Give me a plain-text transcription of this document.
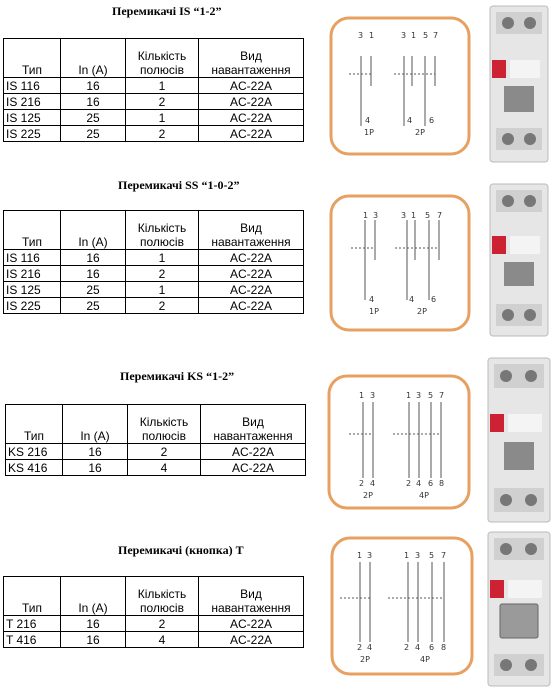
Перемикачі IS “1-2”
Тип	In (A)	Кількість полюсів	Вид навантаження
IS 116	16	1	AC-22A
IS 216	16	2	AC-22A
IS 125	25	1	AC-22A
IS 225	25	2	AC-22A
Перемикачі SS “1-0-2”
Тип	In (A)	Кількість полюсів	Вид навантаження
IS 116	16	1	AC-22A
IS 216	16	2	AC-22A
IS 125	25	1	AC-22A
IS 225	25	2	AC-22A
Перемикачі KS “1-2”
Тип	In (A)	Кількість полюсів	Вид навантаження
KS 216	16	2	AC-22A
KS 416	16	4	AC-22A
Перемикачі (кнопка) T
Тип	In (A)	Кількість полюсів	Вид навантаження
T 216	16	2	AC-22A
T 416	16	4	AC-22A
3 1	3 1 5 7
4	4 6
1P	2P
1 3	3 1 5 7
4	4 6
1P	2P
1 3	1 3 5 7
2 4	2 4 6 8
2P	4P
1 3	1 3 5 7
2 4	2 4 6 8
2P	4P
